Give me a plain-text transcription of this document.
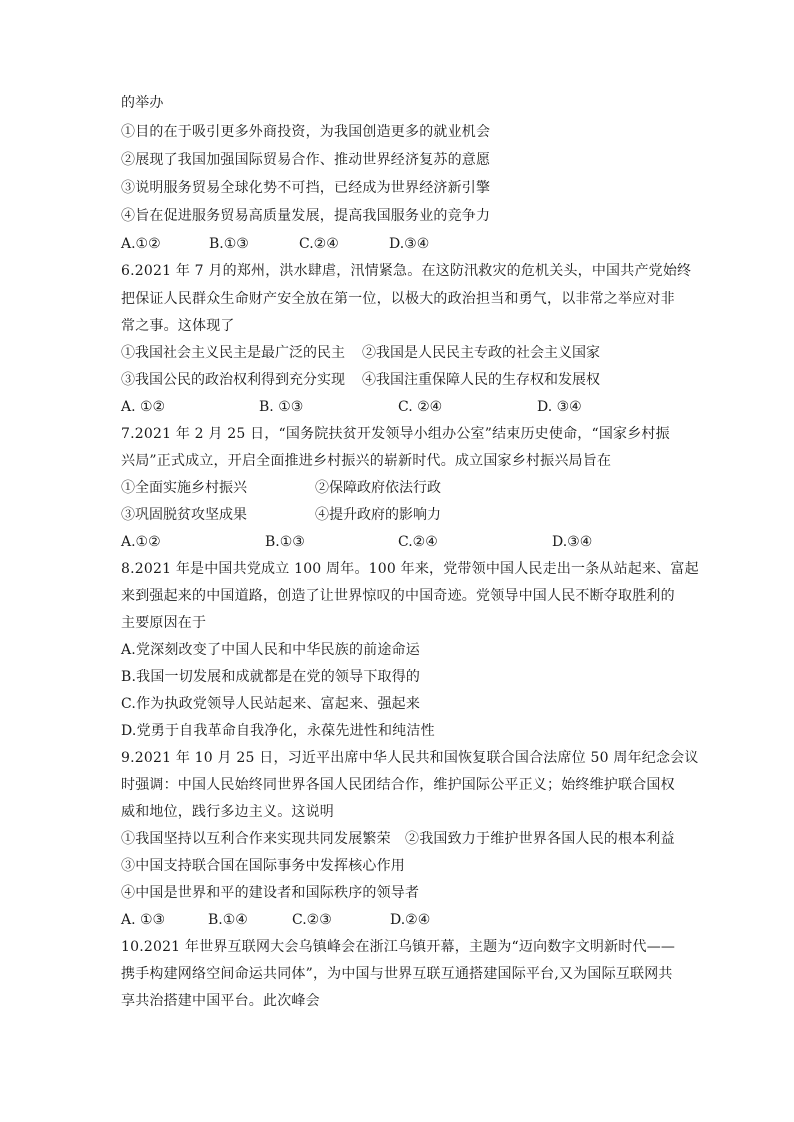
的举办
①目的在于吸引更多外商投资，为我国创造更多的就业机会
②展现了我国加强国际贸易合作、推动世界经济复苏的意愿
③说明服务贸易全球化势不可挡，已经成为世界经济新引擎
④旨在促进服务贸易高质量发展，提高我国服务业的竞争力
A.①②	B.①③	C.②④	D.③④
6.2021 年 7 月的郑州，洪水肆虐，汛情紧急。在这防汛救灾的危机关头，中国共产党始终
把保证人民群众生命财产安全放在第一位，以极大的政治担当和勇气，以非常之举应对非
常之事。这体现了
①我国社会主义民主是最广泛的民主 ②我国是人民民主专政的社会主义国家
③我国公民的政治权利得到充分实现 ④我国注重保障人民的生存权和发展权
A. ①②	B. ①③	C. ②④	D. ③④
7.2021 年 2 月 25 日，“国务院扶贫开发领导小组办公室”结束历史使命，“国家乡村振
兴局”正式成立，开启全面推进乡村振兴的崭新时代。成立国家乡村振兴局旨在
①全面实施乡村振兴	②保障政府依法行政
③巩固脱贫攻坚成果	④提升政府的影响力
A.①②	B.①③	C.②④	D.③④
8.2021 年是中国共党成立 100 周年。100 年来，党带领中国人民走出一条从站起来、富起
来到强起来的中国道路，创造了让世界惊叹的中国奇迹。党领导中国人民不断夺取胜利的
主要原因在于
A.党深刻改变了中国人民和中华民族的前途命运
B.我国一切发展和成就都是在党的领导下取得的
C.作为执政党领导人民站起来、富起来、强起来
D.党勇于自我革命自我净化，永葆先进性和纯洁性
9.2021 年 10 月 25 日，习近平出席中华人民共和国恢复联合国合法席位 50 周年纪念会议
时强调：中国人民始终同世界各国人民团结合作，维护国际公平正义；始终维护联合国权
威和地位，践行多边主义。这说明
①我国坚持以互利合作来实现共同发展繁荣　②我国致力于维护世界各国人民的根本利益
③中国支持联合国在国际事务中发挥核心作用
④中国是世界和平的建设者和国际秩序的领导者
A. ①③	B.①④	C.②③	D.②④
10.2021 年世界互联网大会乌镇峰会在浙江乌镇开幕，主题为“迈向数字文明新时代——
携手构建网络空间命运共同体”，为中国与世界互联互通搭建国际平台,又为国际互联网共
享共治搭建中国平台。此次峰会
